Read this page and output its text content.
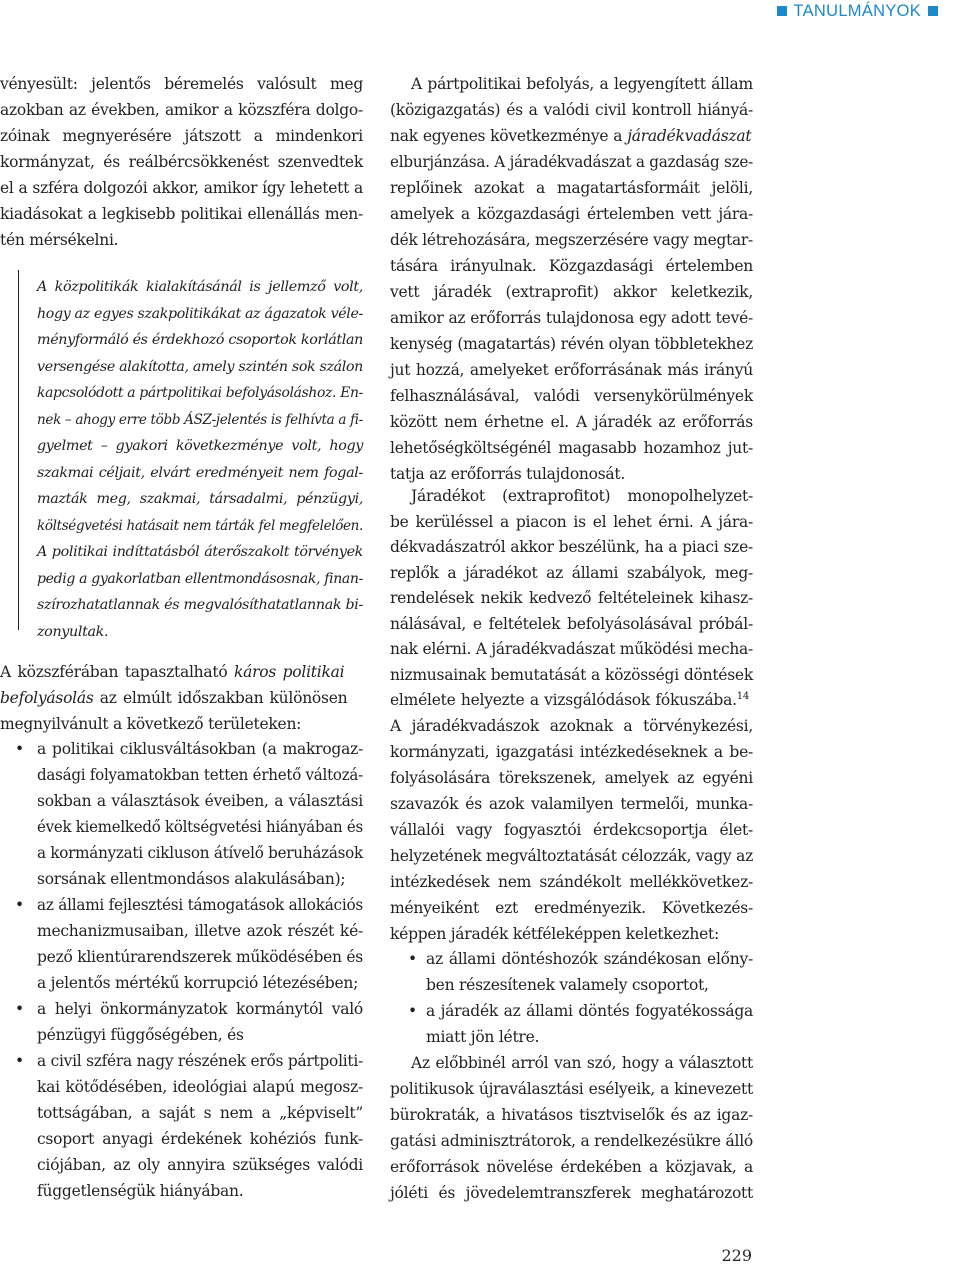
TANULMÁNYOK
vényesült: jelentős béremelés valósult meg
azokban az években, amikor a közszféra dolgo-
zóinak megnyerésére játszott a mindenkori
kormányzat, és reálbércsökkenést szenvedtek
el a szféra dolgozói akkor, amikor így lehetett a
kiadásokat a legkisebb politikai ellenállás men-
tén mérsékelni.
A közpolitikák kialakításánál is jellemző volt,
hogy az egyes szakpolitikákat az ágazatok véle-
ményformáló és érdekhozó csoportok korlátlan
versengése alakította, amely szintén sok szálon
kapcsolódott a pártpolitikai befolyásoláshoz. En-
nek – ahogy erre több ÁSZ-jelentés is felhívta a fi-
gyelmet – gyakori következménye volt, hogy
szakmai céljait, elvárt eredményeit nem fogal-
mazták meg, szakmai, társadalmi, pénzügyi,
költségvetési hatásait nem tárták fel megfelelően.
A politikai indíttatásból áterőszakolt törvények
pedig a gyakorlatban ellentmondásosnak, finan-
szírozhatatlannak és megvalósíthatatlannak bi-
zonyultak.
A közszférában tapasztalható káros politikai
befolyásolás az elmúlt időszakban különösen
megnyilvánult a következő területeken:
• a politikai ciklusváltásokban (a makrogaz-
dasági folyamatokban tetten érhető változá-
sokban a választások éveiben, a választási
évek kiemelkedő költségvetési hiányában és
a kormányzati cikluson átívelő beruházások
sorsának ellentmondásos alakulásában);
• az állami fejlesztési támogatások allokációs
mechanizmusaiban, illetve azok részét ké-
pező klientúrarendszerek működésében és
a jelentős mértékű korrupció létezésében;
• a helyi önkormányzatok kormánytól való
pénzügyi függőségében, és
• a civil szféra nagy részének erős pártpoliti-
kai kötődésében, ideológiai alapú megosz-
tottságában, a saját s nem a „képviselt”
csoport anyagi érdekének kohéziós funk-
ciójában, az oly annyira szükséges valódi
függetlenségük hiányában.
A pártpolitikai befolyás, a legyengített állam
(közigazgatás) és a valódi civil kontroll hiányá-
nak egyenes következménye a járadékvadászat
elburjánzása. A járadékvadászat a gazdaság sze-
replőinek azokat a magatartásformáit jelöli,
amelyek a közgazdasági értelemben vett jára-
dék létrehozására, megszerzésére vagy megtar-
tására irányulnak. Közgazdasági értelemben
vett járadék (extraprofit) akkor keletkezik,
amikor az erőforrás tulajdonosa egy adott tevé-
kenység (magatartás) révén olyan többletekhez
jut hozzá, amelyeket erőforrásának más irányú
felhasználásával, valódi versenykörülmények
között nem érhetne el. A járadék az erőforrás
lehetőségköltségénél magasabb hozamhoz jut-
tatja az erőforrás tulajdonosát.
Járadékot (extraprofitot) monopolhelyzet-
be kerüléssel a piacon is el lehet érni. A jára-
dékvadászatról akkor beszélünk, ha a piaci sze-
replők a járadékot az állami szabályok, meg-
rendelések nekik kedvező feltételeinek kihasz-
nálásával, e feltételek befolyásolásával próbál-
nak elérni. A járadékvadászat működési mecha-
nizmusainak bemutatását a közösségi döntések
elmélete helyezte a vizsgálódások fókuszába.$^{14}$
A járadékvadászok azoknak a törvénykezési,
kormányzati, igazgatási intézkedéseknek a be-
folyásolására törekszenek, amelyek az egyéni
szavazók és azok valamilyen termelői, munka-
vállalói vagy fogyasztói érdekcsoportja élet-
helyzetének megváltoztatását célozzák, vagy az
intézkedések nem szándékolt mellékkövetkez-
ményeiként ezt eredményezik. Következés-
képpen járadék kétféleképpen keletkezhet:
• az állami döntéshozók szándékosan előny-
ben részesítenek valamely csoportot,
• a járadék az állami döntés fogyatékossága
miatt jön létre.
Az előbbinél arról van szó, hogy a választott
politikusok újraválasztási esélyeik, a kinevezett
bürokraták, a hivatásos tisztviselők és az igaz-
gatási adminisztrátorok, a rendelkezésükre álló
erőforrások növelése érdekében a közjavak, a
jóléti és jövedelemtranszferek meghatározott
229
